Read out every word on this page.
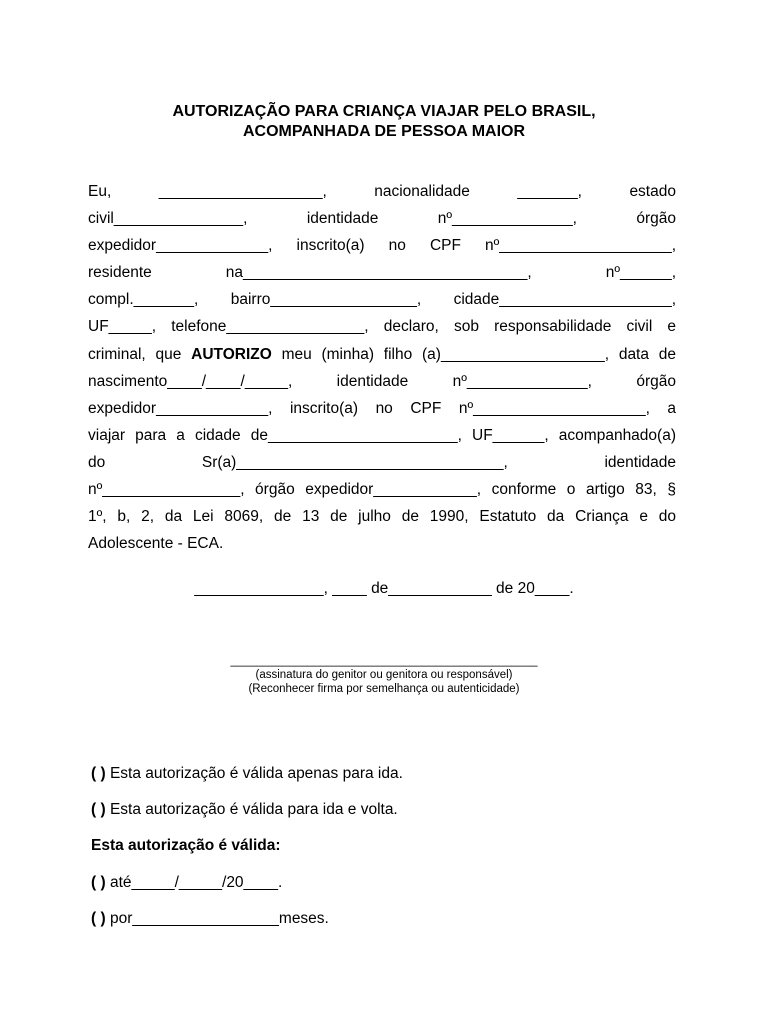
AUTORIZAÇÃO PARA CRIANÇA VIAJAR PELO BRASIL,
ACOMPANHADA DE PESSOA MAIOR
Eu,	___________________,	nacionalidade	_______,	estado
civil_______________,	identidade	nº______________,	órgão
expedidor_____________, inscrito(a) no CPF nº____________________,
residente	na_________________________________,	nº______,
compl._______, bairro_________________, cidade____________________,
UF_____, telefone________________, declaro, sob responsabilidade civil e
criminal, que AUTORIZO meu (minha) filho (a)___________________, data de
nascimento____/____/_____,	identidade	nº______________,	órgão
expedidor_____________, inscrito(a) no CPF nº____________________, a
viajar para a cidade de______________________, UF______, acompanhado(a)
do	Sr(a)_______________________________,	identidade
nº________________, órgão expedidor____________, conforme o artigo 83, §
1º, b, 2, da Lei 8069, de 13 de julho de 1990, Estatuto da Criança e do
Adolescente - ECA.
_______________, ____ de____________ de 20____.
________________________________________________
(assinatura do genitor ou genitora ou responsável)
(Reconhecer firma por semelhança ou autenticidade)
( ) Esta autorização é válida apenas para ida.
( ) Esta autorização é válida para ida e volta.
Esta autorização é válida:
( ) até_____/_____/20____.
( ) por_________________meses.
